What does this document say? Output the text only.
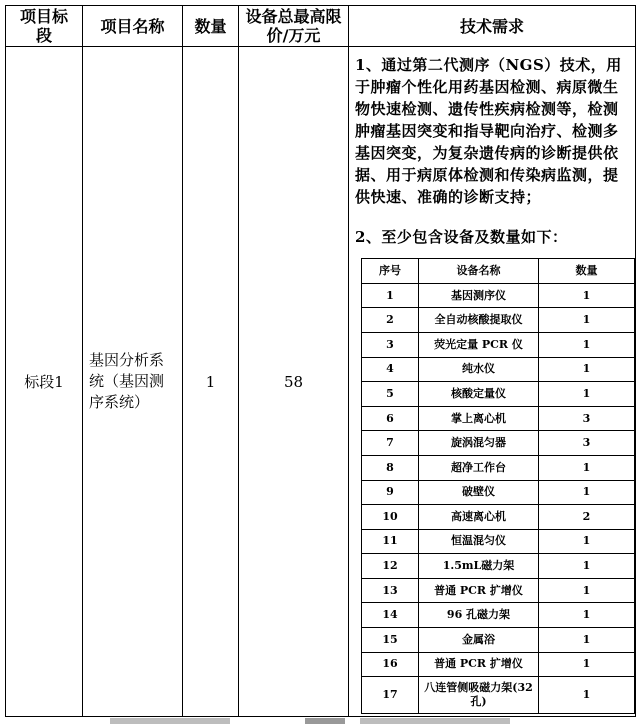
项目标段	项目名称	数量	设备总最高限价/万元	技术需求
标段1	基因分析系统（基因测序系统）	1	58	
1、通过第二代测序（NGS）技术，用于肿瘤个性化用药基因检测、病原微生物快速检测、遗传性疾病检测等，检测肿瘤基因突变和指导靶向治疗、检测多基因突变，为复杂遗传病的诊断提供依据、用于病原体检测和传染病监测，提供快速、准确的诊断支持；
2、至少包含设备及数量如下：
序号	设备名称	数量
1	基因测序仪	1
2	全自动核酸提取仪	1
3	荧光定量 PCR 仪	1
4	纯水仪	1
5	核酸定量仪	1
6	掌上离心机	3
7	旋涡混匀器	3
8	超净工作台	1
9	破壁仪	1
10	高速离心机	2
11	恒温混匀仪	1
12	1.5mL磁力架	1
13	普通 PCR 扩增仪	1
14	96 孔磁力架	1
15	金属浴	1
16	普通 PCR 扩增仪	1
17	八连管侧吸磁力架(32孔)	1
